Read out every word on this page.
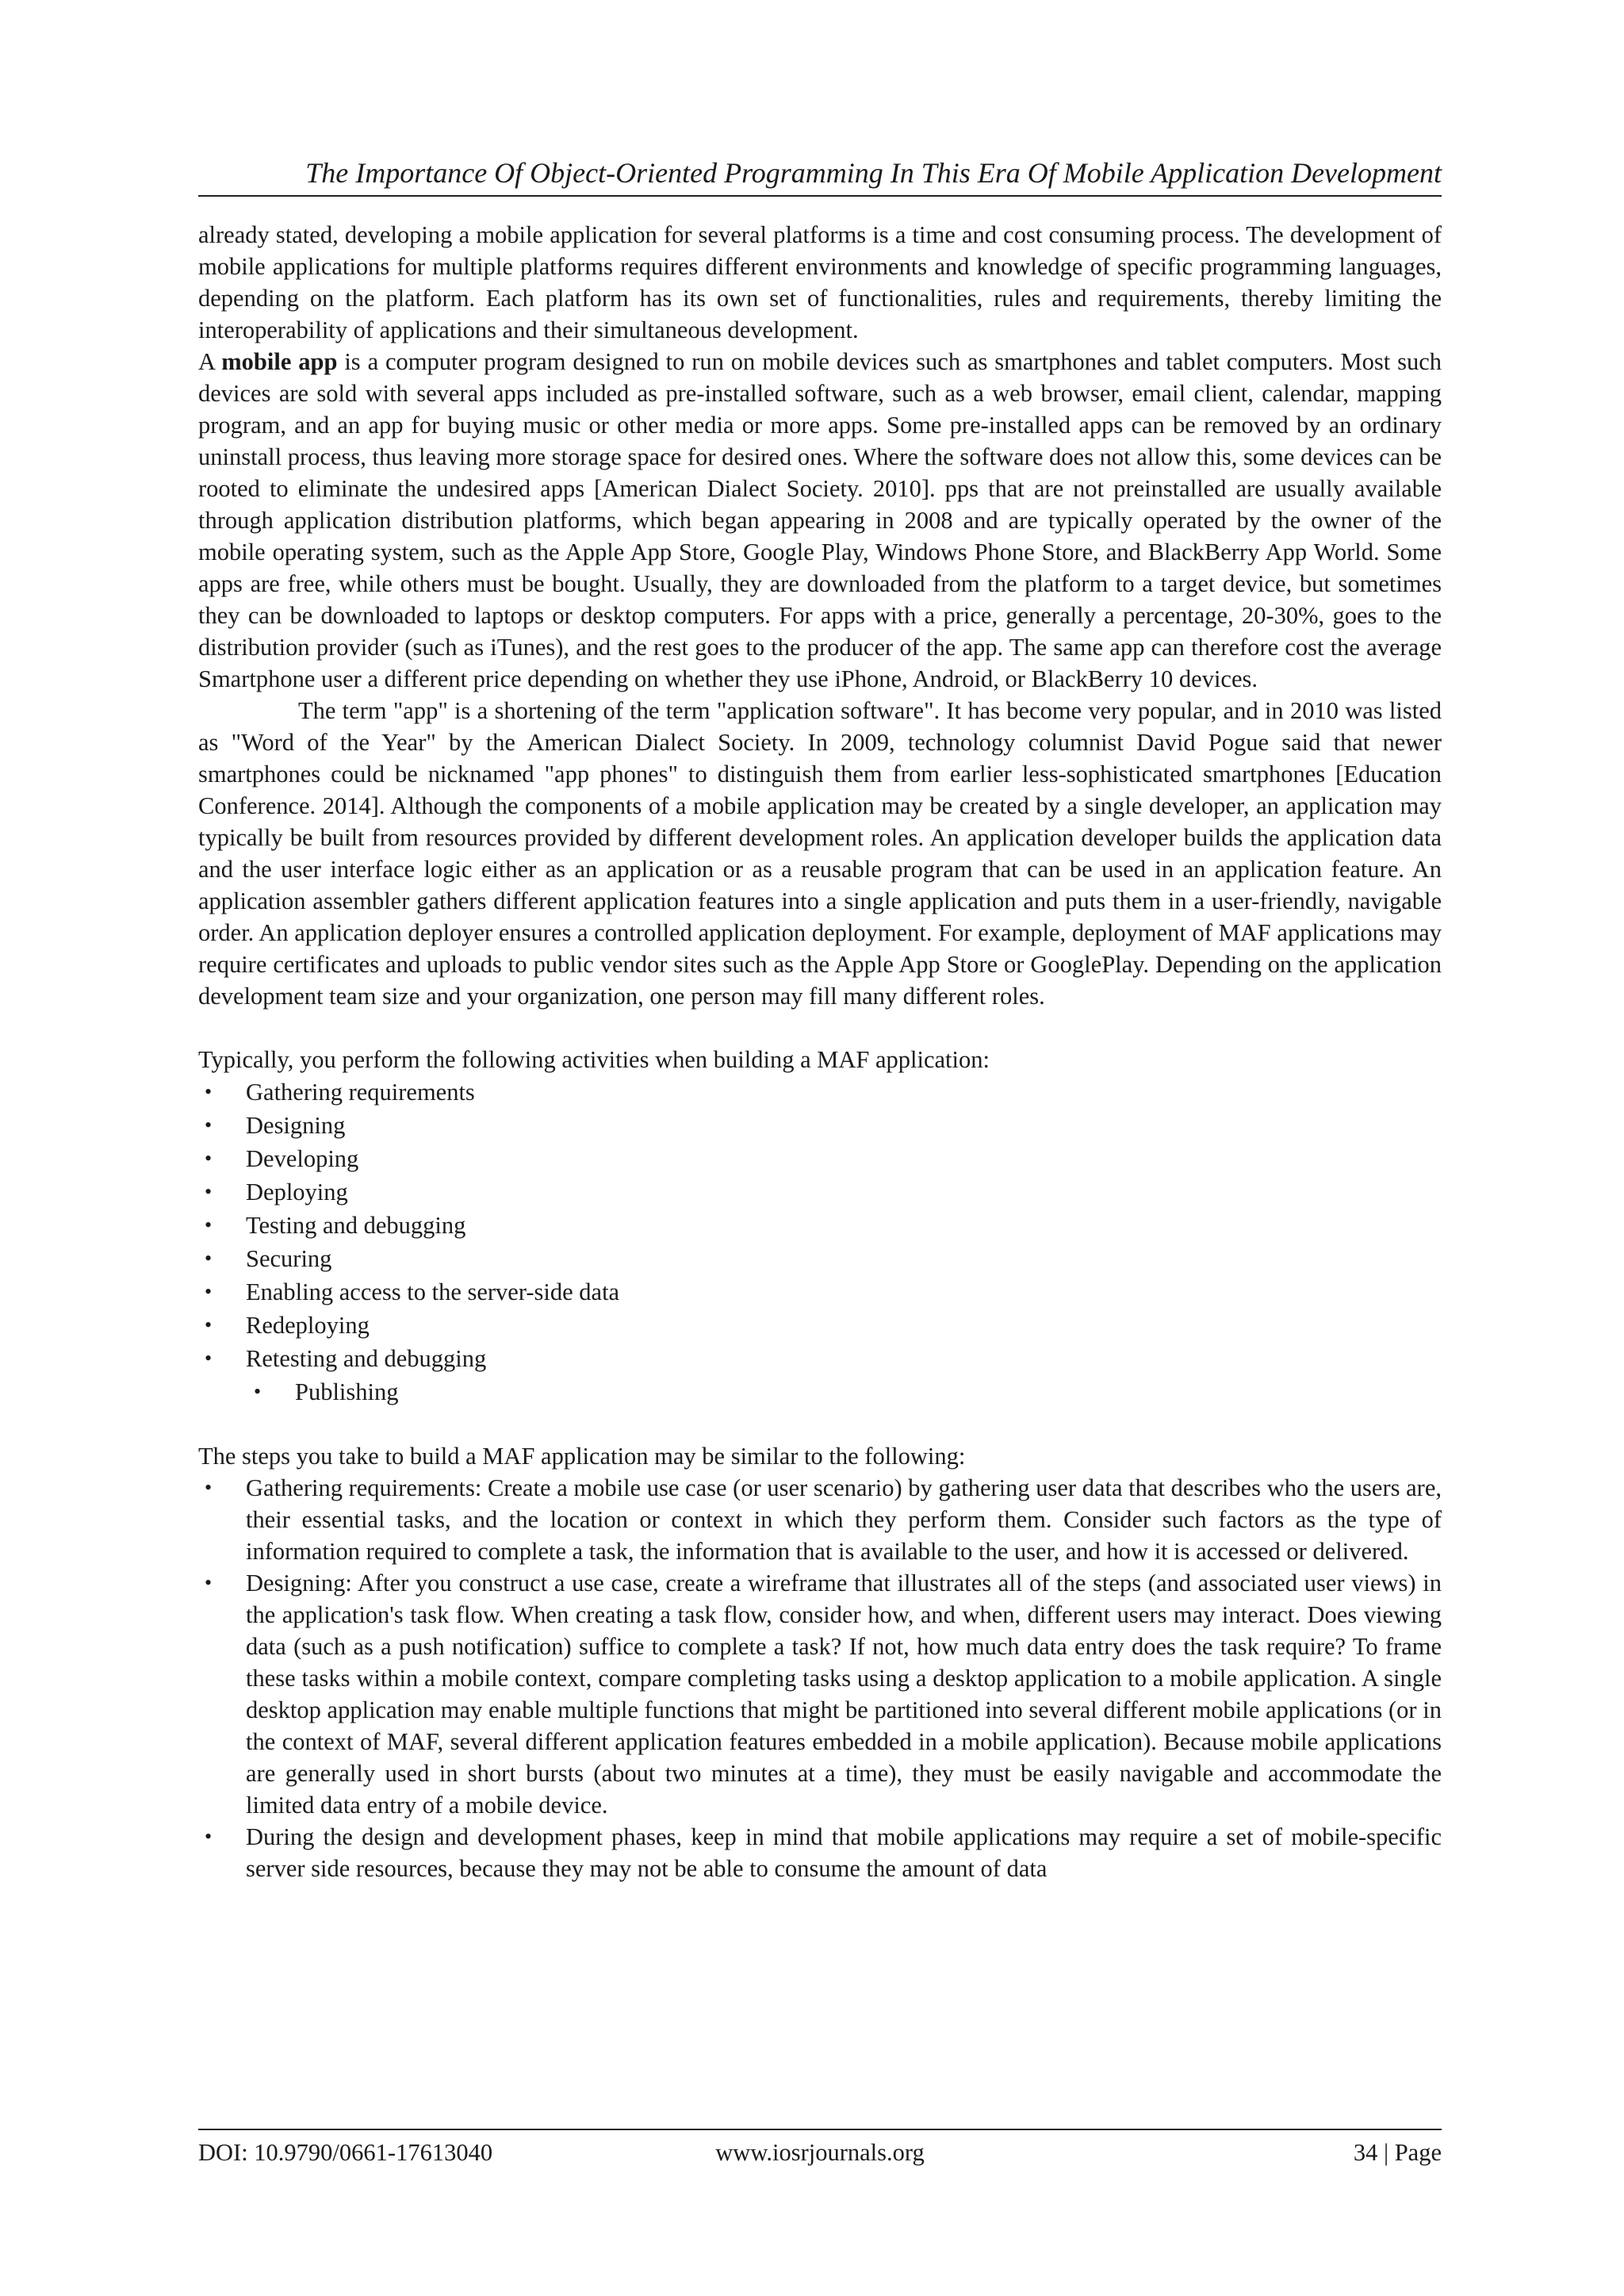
The Importance Of Object-Oriented Programming In This Era Of Mobile Application Development

already stated, developing a mobile application for several platforms is a time and cost consuming process. The development of mobile applications for multiple platforms requires different environments and knowledge of specific programming languages, depending on the platform. Each platform has its own set of functionalities, rules and requirements, thereby limiting the interoperability of applications and their simultaneous development.

A mobile app is a computer program designed to run on mobile devices such as smartphones and tablet computers. Most such devices are sold with several apps included as pre-installed software, such as a web browser, email client, calendar, mapping program, and an app for buying music or other media or more apps. Some pre-installed apps can be removed by an ordinary uninstall process, thus leaving more storage space for desired ones. Where the software does not allow this, some devices can be rooted to eliminate the undesired apps [American Dialect Society. 2010]. pps that are not preinstalled are usually available through application distribution platforms, which began appearing in 2008 and are typically operated by the owner of the mobile operating system, such as the Apple App Store, Google Play, Windows Phone Store, and BlackBerry App World. Some apps are free, while others must be bought. Usually, they are downloaded from the platform to a target device, but sometimes they can be downloaded to laptops or desktop computers. For apps with a price, generally a percentage, 20-30%, goes to the distribution provider (such as iTunes), and the rest goes to the producer of the app. The same app can therefore cost the average Smartphone user a different price depending on whether they use iPhone, Android, or BlackBerry 10 devices.

The term "app" is a shortening of the term "application software". It has become very popular, and in 2010 was listed as "Word of the Year" by the American Dialect Society. In 2009, technology columnist David Pogue said that newer smartphones could be nicknamed "app phones" to distinguish them from earlier less-sophisticated smartphones [Education Conference. 2014]. Although the components of a mobile application may be created by a single developer, an application may typically be built from resources provided by different development roles. An application developer builds the application data and the user interface logic either as an application or as a reusable program that can be used in an application feature. An application assembler gathers different application features into a single application and puts them in a user-friendly, navigable order. An application deployer ensures a controlled application deployment. For example, deployment of MAF applications may require certificates and uploads to public vendor sites such as the Apple App Store or GooglePlay. Depending on the application development team size and your organization, one person may fill many different roles.

Typically, you perform the following activities when building a MAF application:

• Gathering requirements
• Designing
• Developing
• Deploying
• Testing and debugging
• Securing
• Enabling access to the server-side data
• Redeploying
• Retesting and debugging
• Publishing

The steps you take to build a MAF application may be similar to the following:

• Gathering requirements: Create a mobile use case (or user scenario) by gathering user data that describes who the users are, their essential tasks, and the location or context in which they perform them. Consider such factors as the type of information required to complete a task, the information that is available to the user, and how it is accessed or delivered.
• Designing: After you construct a use case, create a wireframe that illustrates all of the steps (and associated user views) in the application's task flow. When creating a task flow, consider how, and when, different users may interact. Does viewing data (such as a push notification) suffice to complete a task? If not, how much data entry does the task require? To frame these tasks within a mobile context, compare completing tasks using a desktop application to a mobile application. A single desktop application may enable multiple functions that might be partitioned into several different mobile applications (or in the context of MAF, several different application features embedded in a mobile application). Because mobile applications are generally used in short bursts (about two minutes at a time), they must be easily navigable and accommodate the limited data entry of a mobile device.
• During the design and development phases, keep in mind that mobile applications may require a set of mobile-specific server side resources, because they may not be able to consume the amount of data
www.iosrjournals.org
DOI: 10.9790/0661-17613040	34 | Page
